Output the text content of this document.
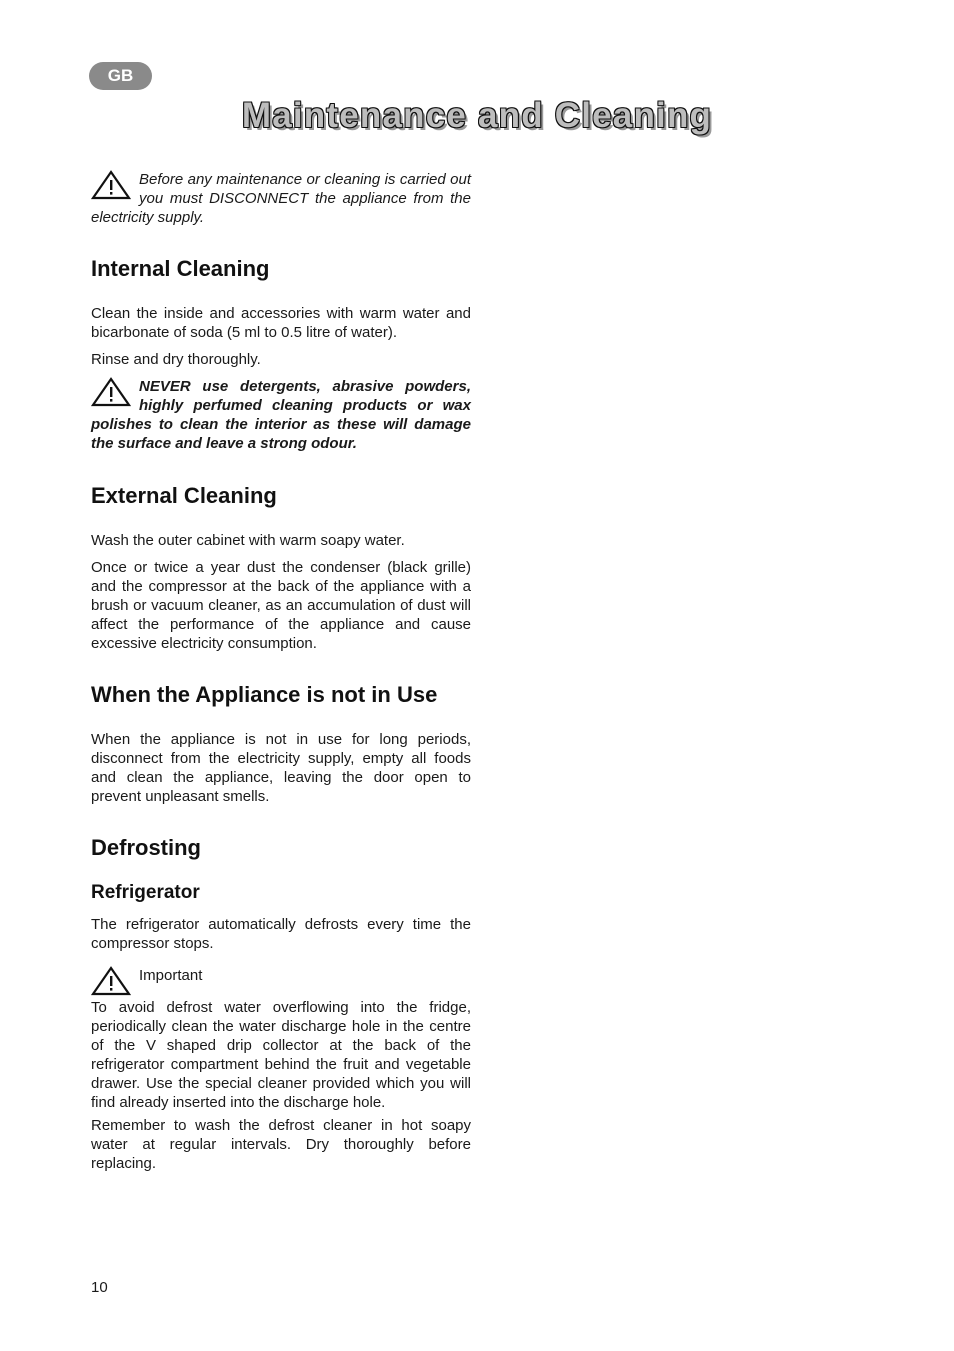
GB
Maintenance and Cleaning

Before any maintenance or cleaning is carried out you must DISCONNECT the appliance from the electricity supply.

Internal Cleaning

Clean the inside and accessories with warm water and bicarbonate of soda (5 ml to 0.5 litre of water).

Rinse and dry thoroughly.

NEVER use detergents, abrasive powders, highly perfumed cleaning products or wax polishes to clean the interior as these will damage the surface and leave a strong odour.

External Cleaning

Wash the outer cabinet with warm soapy water.

Once or twice a year dust the condenser (black grille) and the compressor at the back of the appliance with a brush or vacuum cleaner, as an accumulation of dust will affect the performance of the appliance and cause excessive electricity consumption.

When the Appliance is not in Use

When the appliance is not in use for long periods, disconnect from the electricity supply, empty all foods and clean the appliance, leaving the door open to prevent unpleasant smells.

Defrosting
Refrigerator

The refrigerator automatically defrosts every time the compressor stops.

Important

To avoid defrost water overflowing into the fridge, periodically clean the water discharge hole in the centre of the V shaped drip collector at the back of the refrigerator compartment behind the fruit and vegetable drawer. Use the special cleaner provided which you will find already inserted into the discharge hole.

Remember to wash the defrost cleaner in hot soapy water at regular intervals. Dry thoroughly before replacing.

10
